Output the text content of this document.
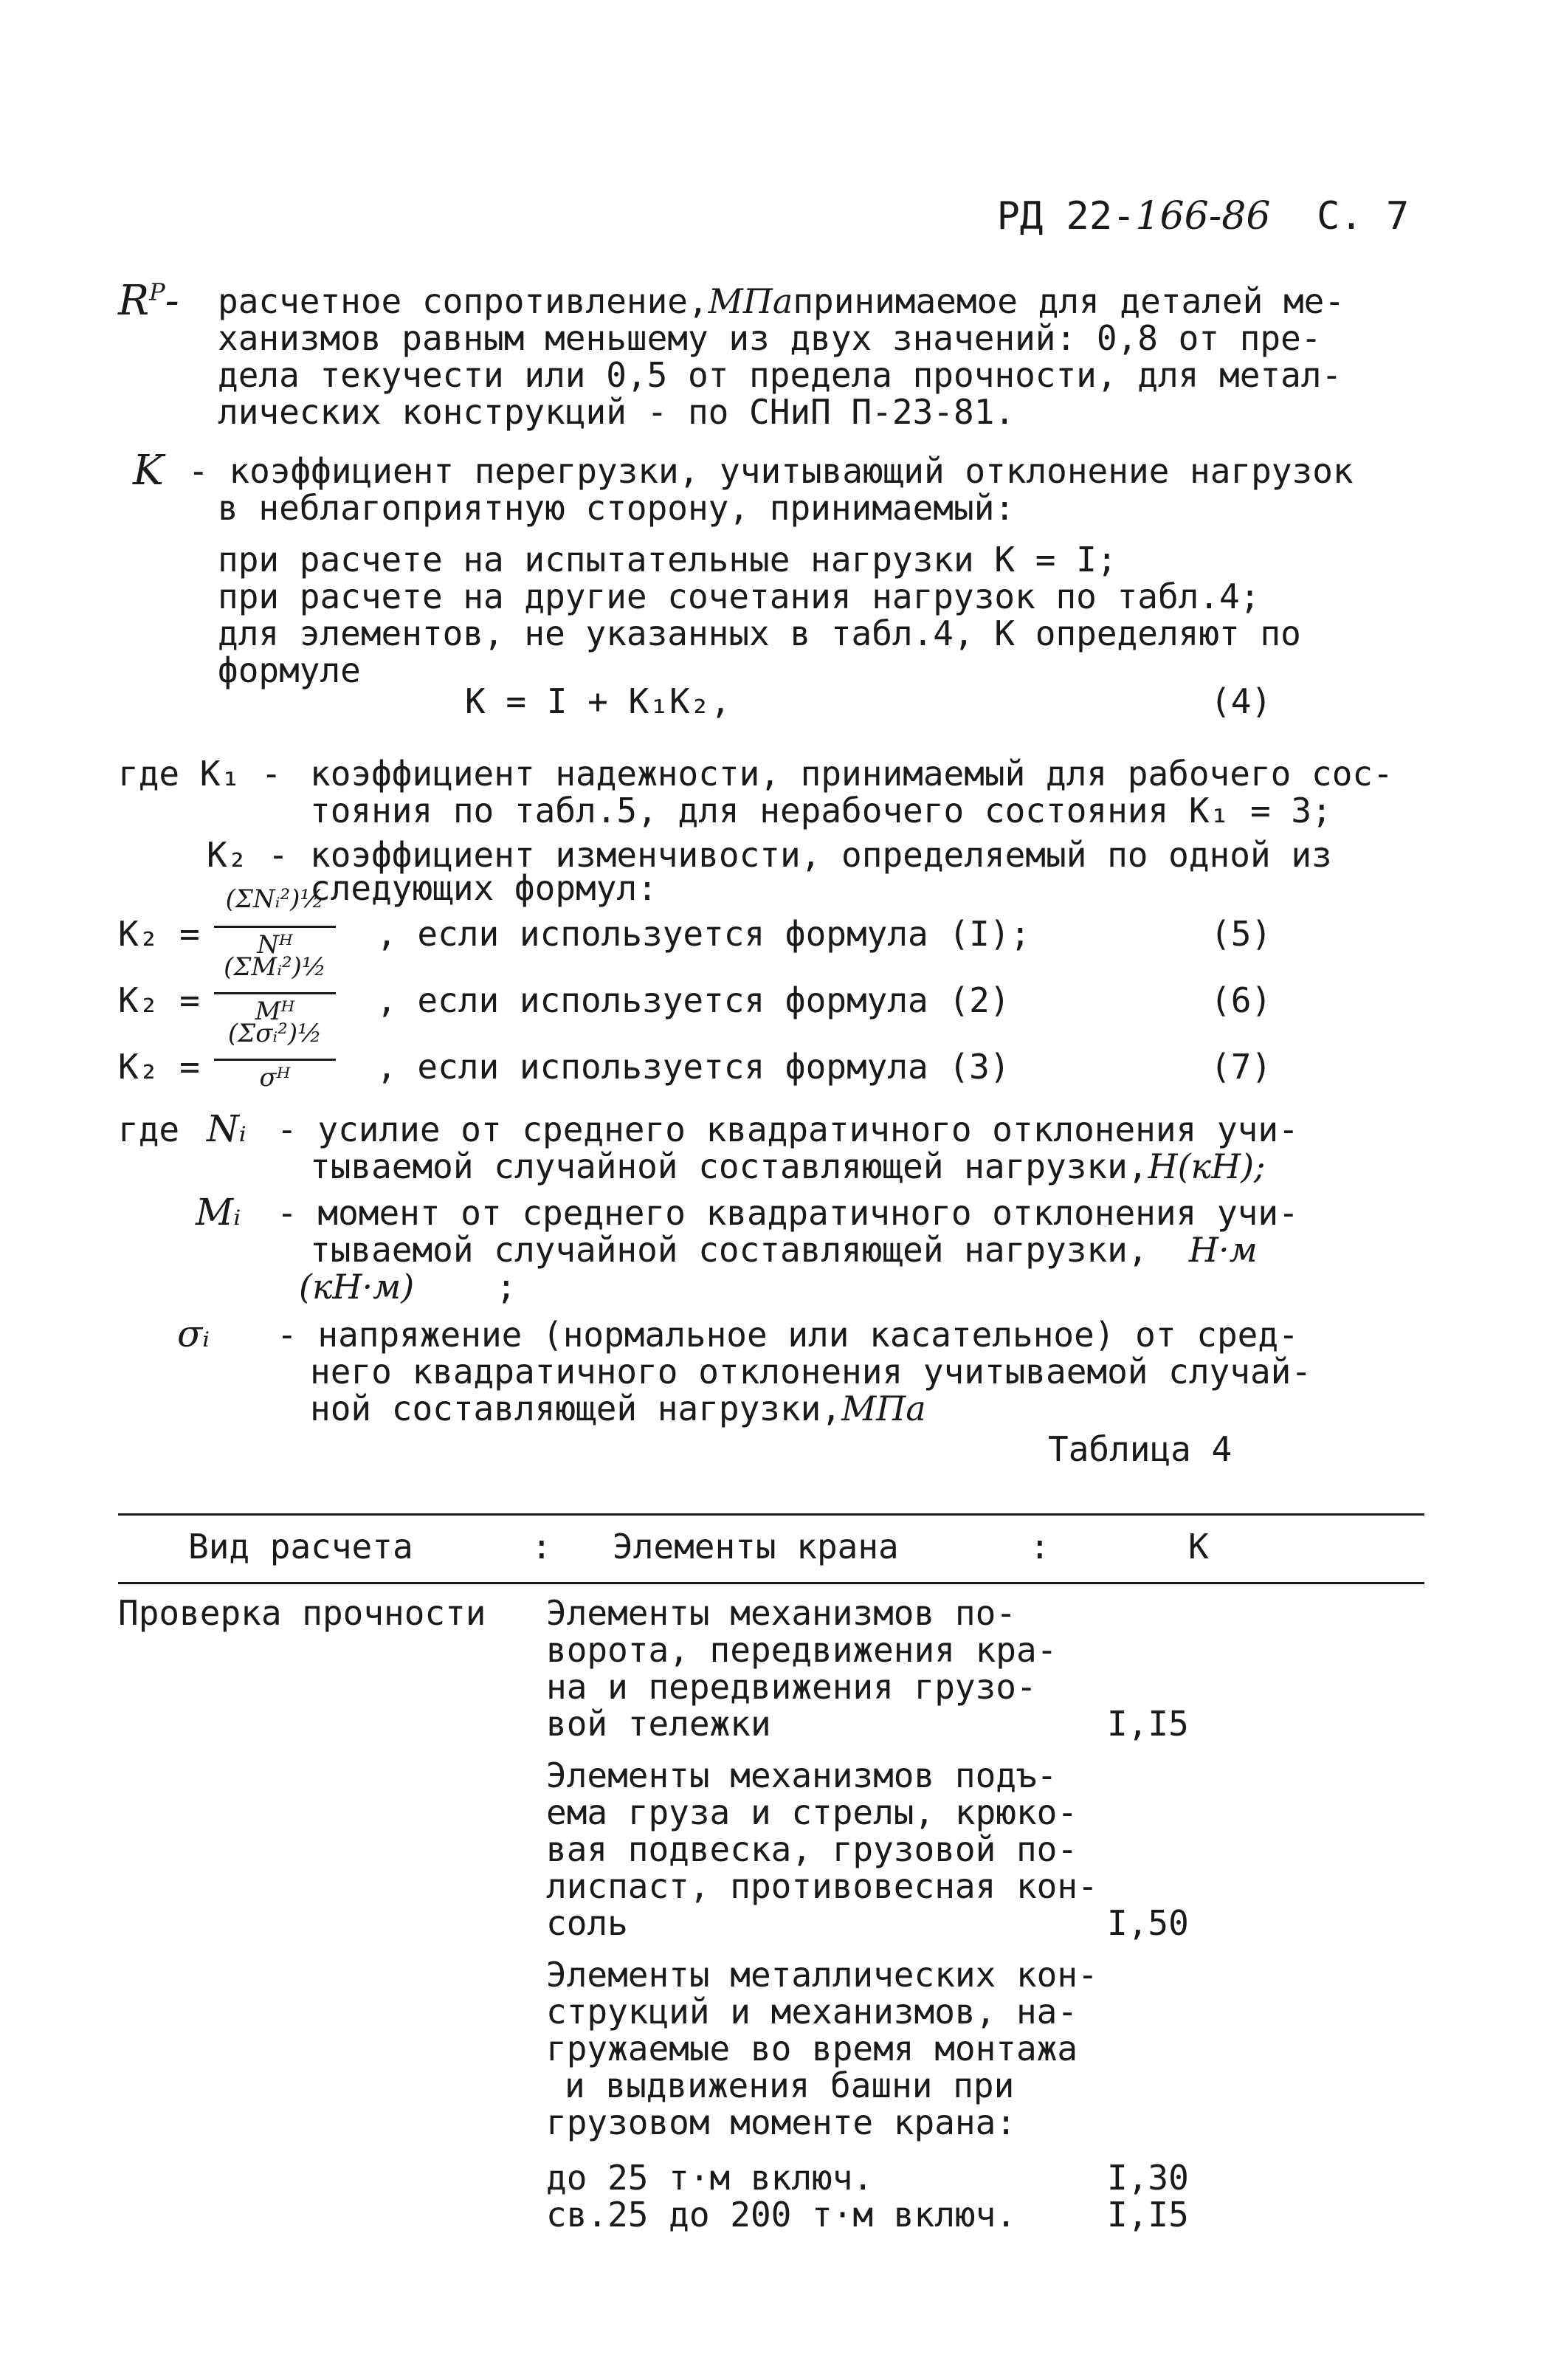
РД 22-166-86 С. 7

$R^P-$ расчетное сопротивление,МПапринимаемое для деталей ме-
ханизмов равным меньшему из двух значений: 0,8 от пре-
дела текучести или 0,5 от предела прочности, для метал-
лических конструкций - по СНиП П-23-81.
K - коэффициент перегрузки, учитывающий отклонение нагрузок
в неблагоприятную сторону, принимаемый:
при расчете на испытательные нагрузки К = I;
при расчете на другие сочетания нагрузок по табл.4;
для элементов, не указанных в табл.4, К определяют по
формуле
К = I + К₁К₂,	(4)
где К₁ - коэффициент надежности, принимаемый для рабочего сос-
тояния по табл.5, для нерабочего состояния К₁ = 3;
К₂ - коэффициент изменчивости, определяемый по одной из
следующих формул:
К₂ =
(ΣNᵢ²)½
Nᴴ	, если используется формула (I);	(5)
К₂ =
(ΣMᵢ²)½
Mᴴ	, если используется формула (2)	(6)
К₂ =
(Σσᵢ²)½
σᴴ	, если используется формула (3)	(7)
где Nᵢ - усилие от среднего квадратичного отклонения учи-
тываемой случайной составляющей нагрузки,Н(кН);
Mᵢ - момент от среднего квадратичного отклонения учи-
тываемой случайной составляющей нагрузки, Н·м
(кН·м) ;
σᵢ - напряжение (нормальное или касательное) от сред-
него квадратичного отклонения учитываемой случай-
ной составляющей нагрузки,МПа
Таблица 4
Вид расчета	: Элементы крана	:	К
Проверка прочности Элементы механизмов по-
ворота, передвижения кра-
на и передвижения грузо-
вой тележки	I,I5
Элементы механизмов подъ-
ема груза и стрелы, крюко-
вая подвеска, грузовой по-
лиспаст, противовесная кон-
соль	I,50
Элементы металлических кон-
струкций и механизмов, на-
гружаемые во время монтажа
и выдвижения башни при
грузовом моменте крана:
до 25 т·м включ.	I,30
св.25 до 200 т·м включ.	I,I5
